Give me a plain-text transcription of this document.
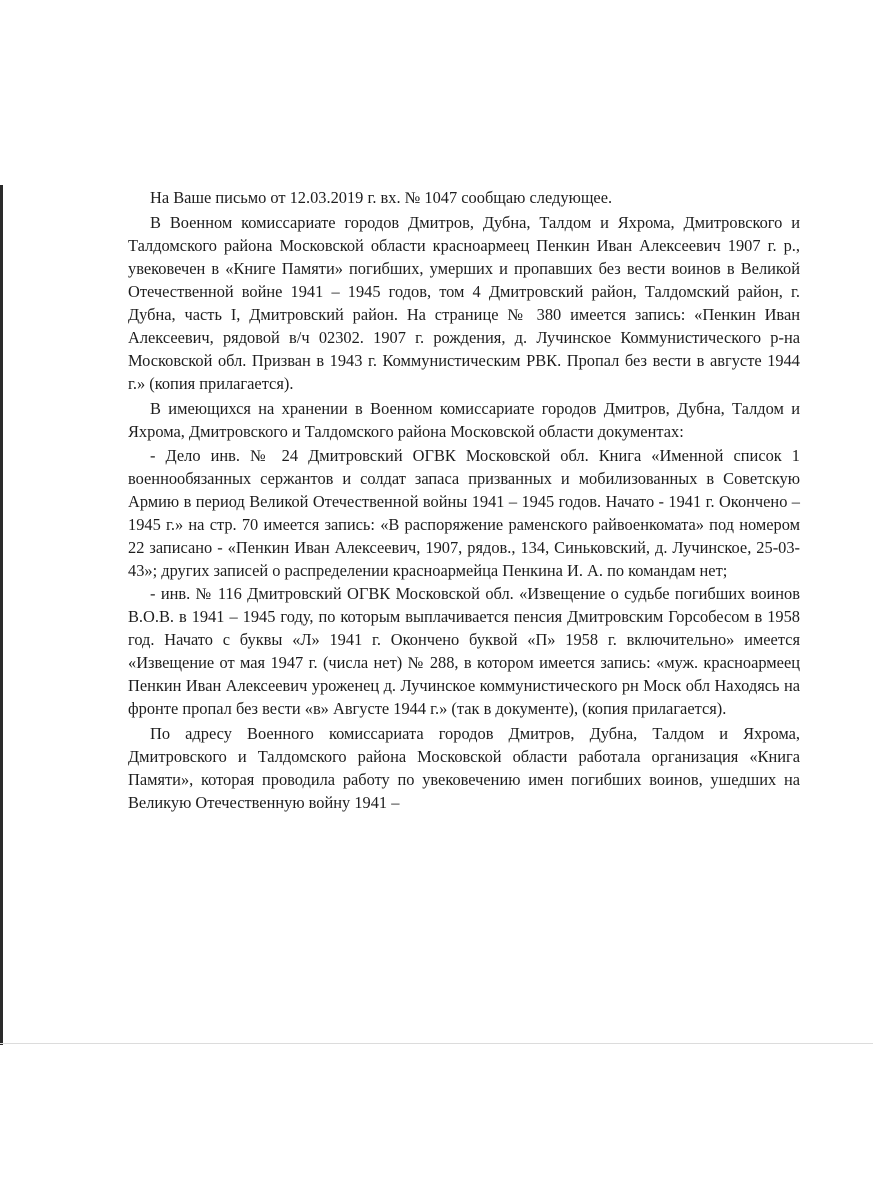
На Ваше письмо от 12.03.2019 г. вх. № 1047 сообщаю следующее.

В Военном комиссариате городов Дмитров, Дубна, Талдом и Яхрома, Дмитровского и Талдомского района Московской области красноармеец Пенкин Иван Алексеевич 1907 г. р., увековечен в «Книге Памяти» погибших, умерших и пропавших без вести воинов в Великой Отечественной войне 1941 – 1945 годов, том 4 Дмитровский район, Талдомский район, г. Дубна, часть I, Дмитровский район. На странице № 380 имеется запись: «Пенкин Иван Алексеевич, рядовой в/ч 02302. 1907 г. рождения, д. Лучинское Коммунистического р-на Московской обл. Призван в 1943 г. Коммунистическим РВК. Пропал без вести в августе 1944 г.» (копия прилагается).

В имеющихся на хранении в Военном комиссариате городов Дмитров, Дубна, Талдом и Яхрома, Дмитровского и Талдомского района Московской области документах:

- Дело инв. № 24 Дмитровский ОГВК Московской обл. Книга «Именной список 1 военнообязанных сержантов и солдат запаса призванных и мобилизованных в Советскую Армию в период Великой Отечественной войны 1941 – 1945 годов. Начато - 1941 г. Окончено – 1945 г.» на стр. 70 имеется запись: «В распоряжение раменского райвоенкомата» под номером 22 записано - «Пенкин Иван Алексеевич, 1907, рядов., 134, Синьковский, д. Лучинское, 25-03-43»; других записей о распределении красноармейца Пенкина И. А. по командам нет;

- инв. № 116 Дмитровский ОГВК Московской обл. «Извещение о судьбе погибших воинов В.О.В. в 1941 – 1945 году, по которым выплачивается пенсия Дмитровским Горсобесом в 1958 год. Начато с буквы «Л» 1941 г. Окончено буквой «П» 1958 г. включительно» имеется «Извещение от мая 1947 г. (числа нет) № 288, в котором имеется запись: «муж. красноармеец Пенкин Иван Алексеевич уроженец д. Лучинское коммунистического рн Моск обл Находясь на фронте пропал без вести «в» Августе 1944 г.» (так в документе), (копия прилагается).

По адресу Военного комиссариата городов Дмитров, Дубна, Талдом и Яхрома, Дмитровского и Талдомского района Московской области работала организация «Книга Памяти», которая проводила работу по увековечению имен погибших воинов, ушедших на Великую Отечественную войну 1941 –
